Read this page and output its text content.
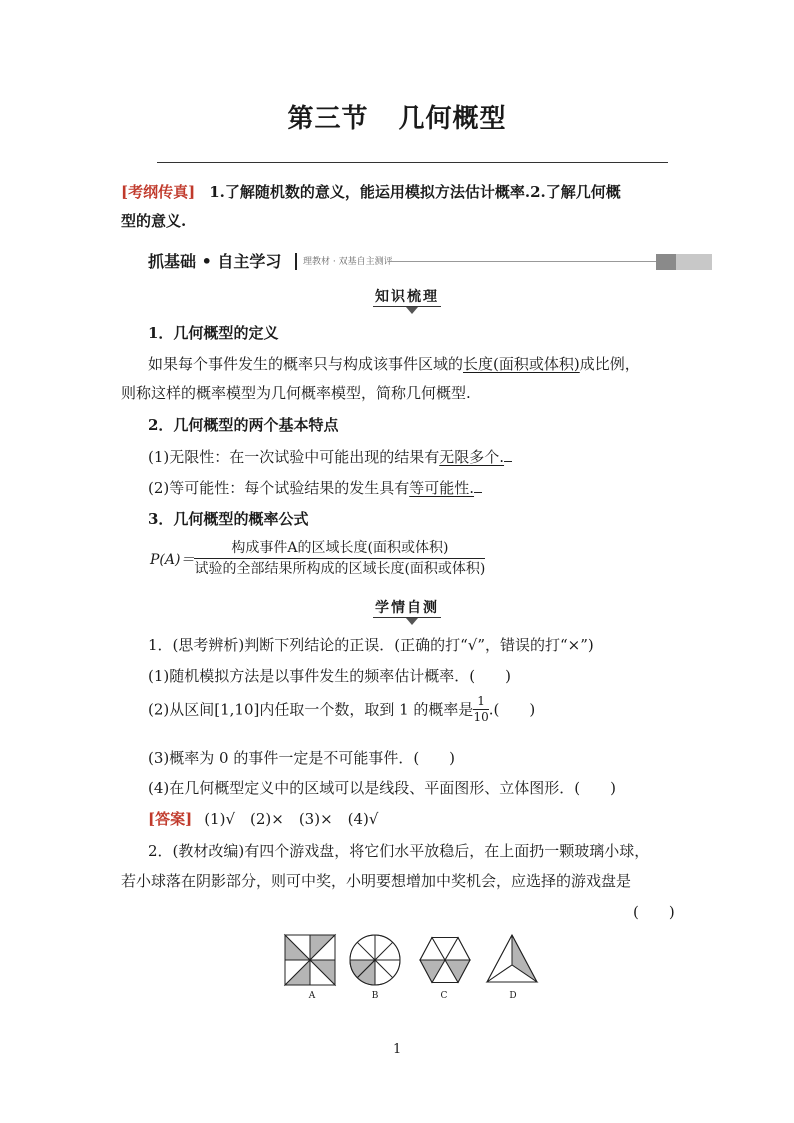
第三节 几何概型
[考纲传真] 1.了解随机数的意义，能运用模拟方法估计概率.2.了解几何概
型的意义.
抓基础 • 自主学习 理教材 · 双基自主测评
知识梳理
1．几何概型的定义
如果每个事件发生的概率只与构成该事件区域的长度(面积或体积)成比例，
则称这样的概率模型为几何概率模型，简称几何概型.
2．几何概型的两个基本特点
(1)无限性：在一次试验中可能出现的结果有无限多个.
(2)等可能性：每个试验结果的发生具有等可能性.
3．几何概型的概率公式
$P(A)= \frac{\text{构成事件A的区域长度(面积或体积)}}{\text{试验的全部结果所构成的区域长度(面积或体积)}}$
学情自测
1．(思考辨析)判断下列结论的正误．(正确的打“√”，错误的打“×”)
(1)随机模拟方法是以事件发生的频率估计概率．(　　)
(2)从区间[1,10]内任取一个数，取到 1 的概率是 $\frac{1}{10}$ .(　　)
(3)概率为 0 的事件一定是不可能事件．(　　)
(4)在几何概型定义中的区域可以是线段、平面图形、立体图形．(　　)
[答案] (1)√　(2)×　(3)×　(4)√
2．(教材改编)有四个游戏盘，将它们水平放稳后，在上面扔一颗玻璃小球，
若小球落在阴影部分，则可中奖，小明要想增加中奖机会，应选择的游戏盘是
(　　)
A	B	C	D
1
